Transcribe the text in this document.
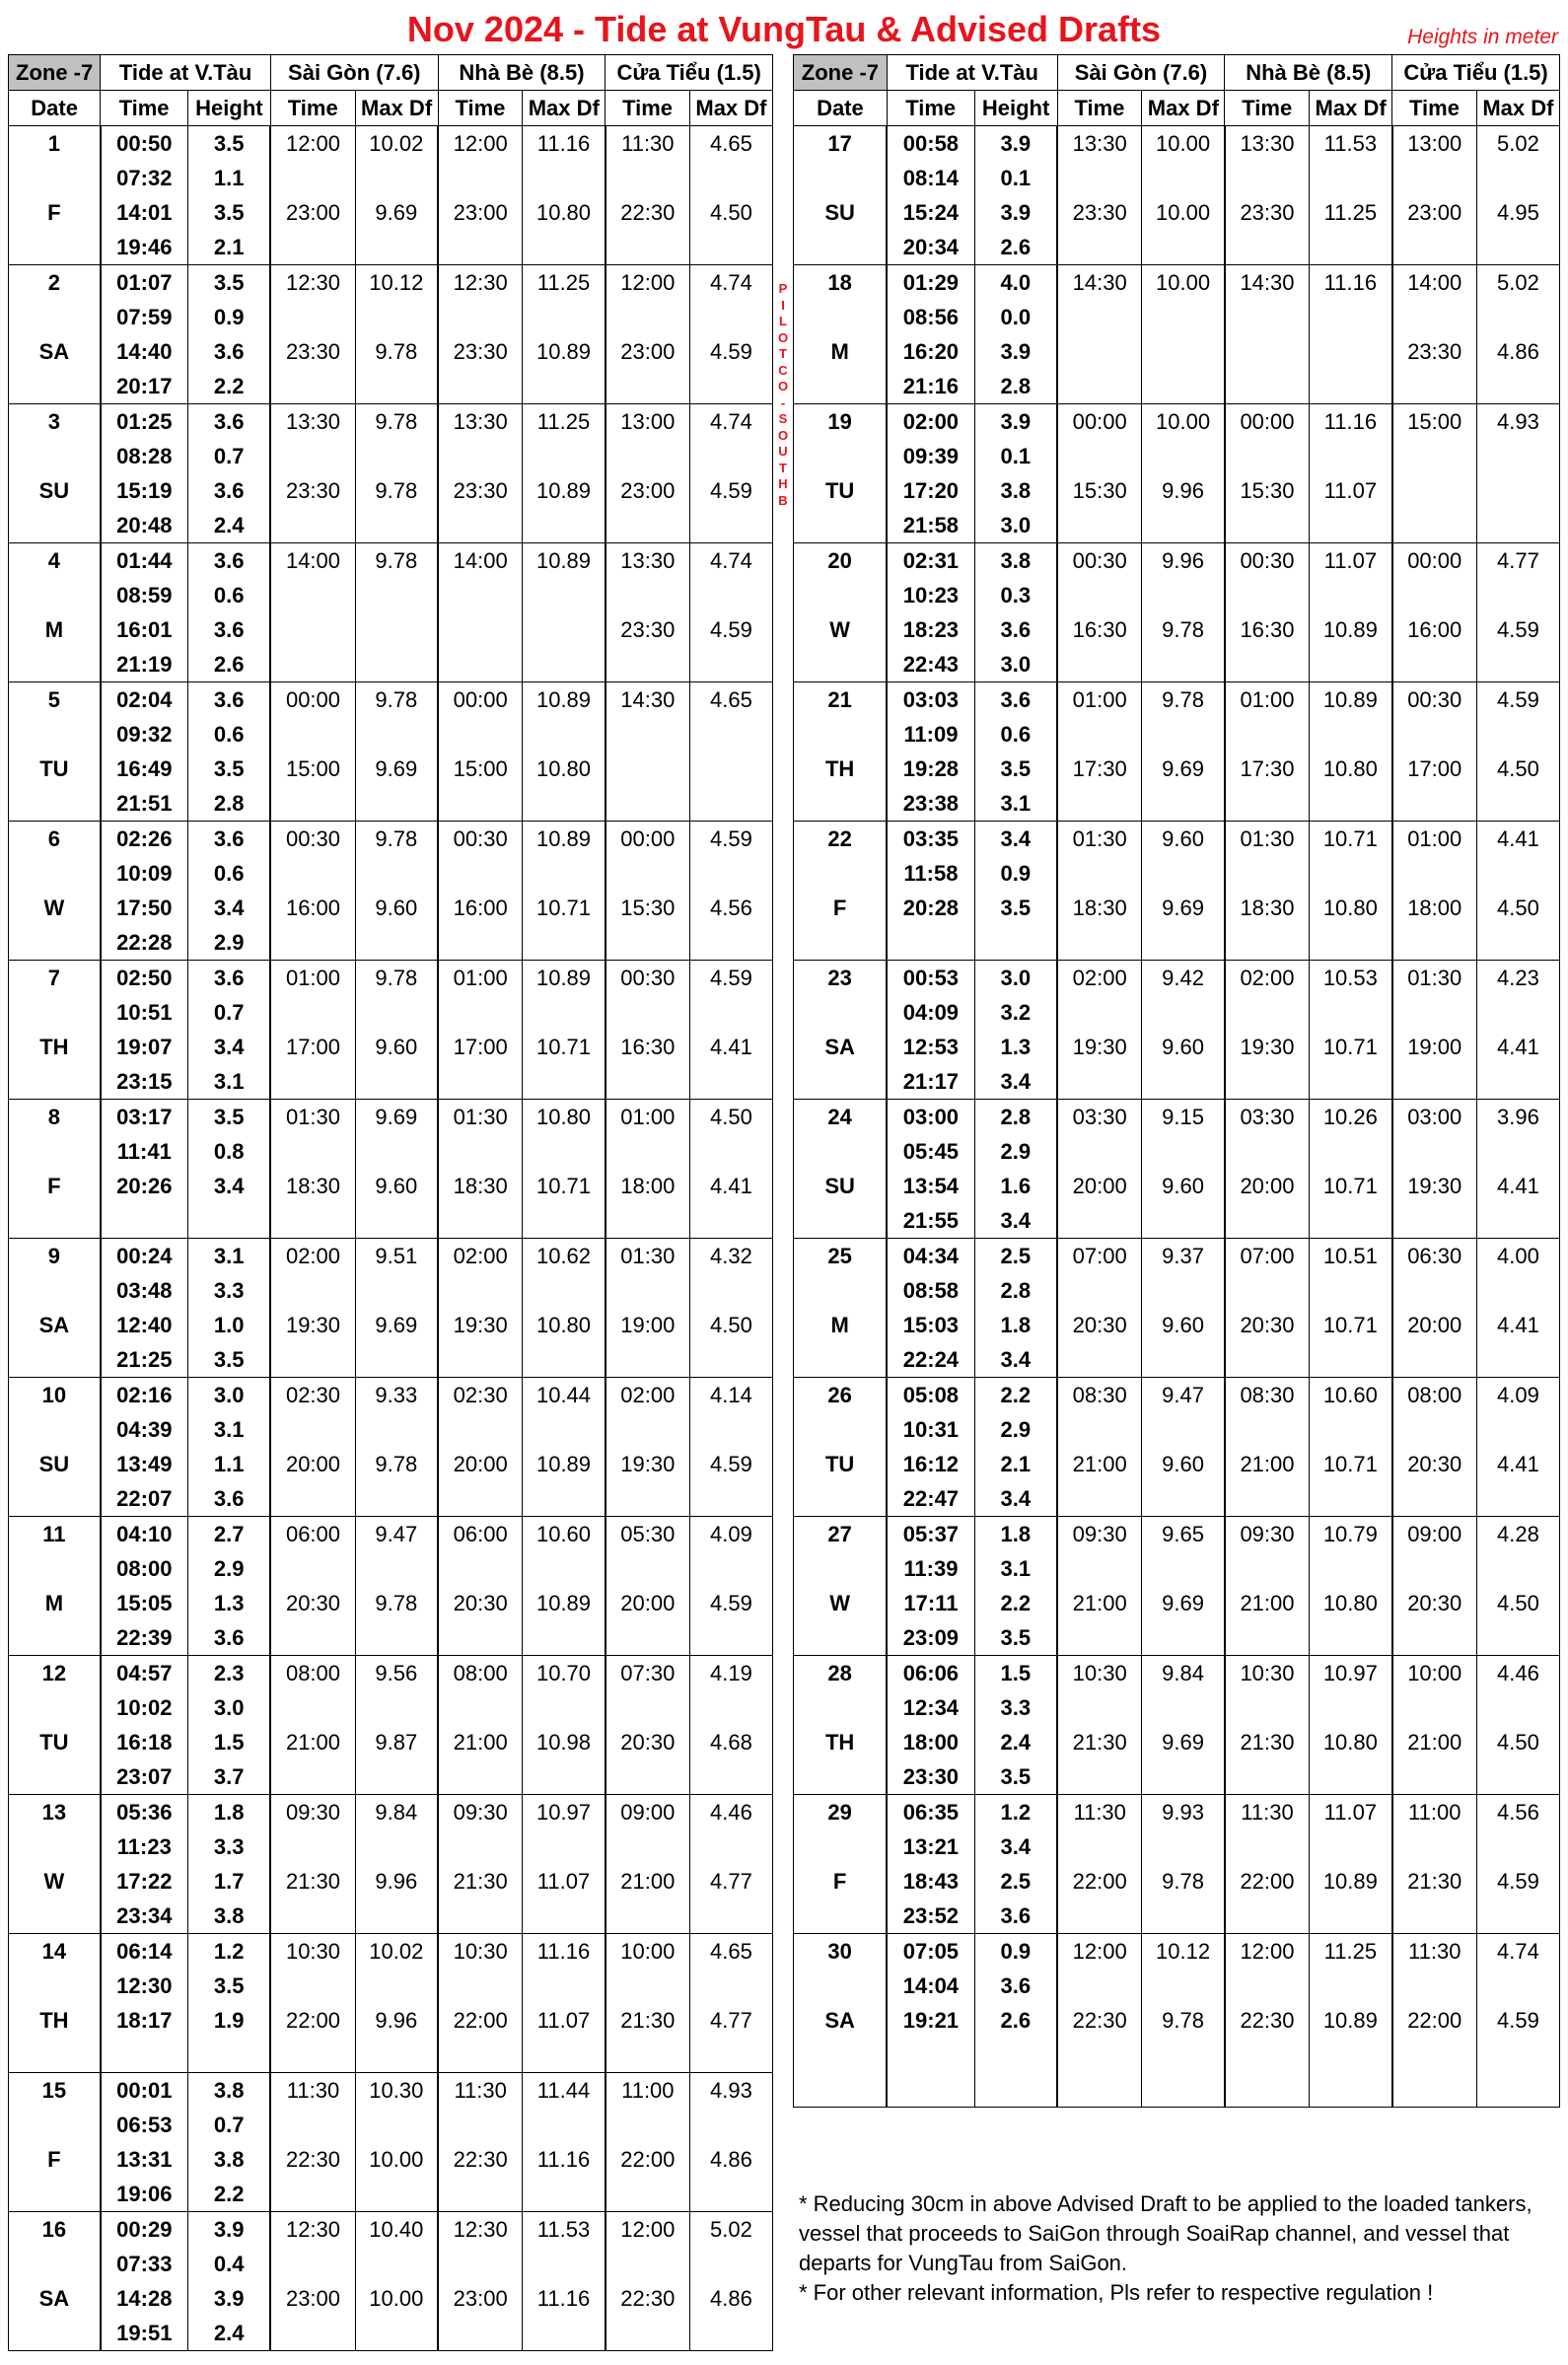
Nov 2024 - Tide at VungTau & Advised Drafts	Heights in meter
Zone -7	Tide at V.Tàu		Sài Gòn (7.6)		Nhà Bè (8.5)		Cửa Tiểu (1.5)	
Date	Time	Height	Time	Max Df	Time	Max Df	Time	Max Df
1	00:50	3.5	12:00	10.02	12:00	11.16	11:30	4.65
	07:32	1.1						
F	14:01	3.5	23:00	9.69	23:00	10.80	22:30	4.50
	19:46	2.1						
2	01:07	3.5	12:30	10.12	12:30	11.25	12:00	4.74
	07:59	0.9						
SA	14:40	3.6	23:30	9.78	23:30	10.89	23:00	4.59
	20:17	2.2						
3	01:25	3.6	13:30	9.78	13:30	11.25	13:00	4.74
	08:28	0.7						
SU	15:19	3.6	23:30	9.78	23:30	10.89	23:00	4.59
	20:48	2.4						
4	01:44	3.6	14:00	9.78	14:00	10.89	13:30	4.74
	08:59	0.6						
M	16:01	3.6					23:30	4.59
	21:19	2.6						
5	02:04	3.6	00:00	9.78	00:00	10.89	14:30	4.65
	09:32	0.6						
TU	16:49	3.5	15:00	9.69	15:00	10.80		
	21:51	2.8						
6	02:26	3.6	00:30	9.78	00:30	10.89	00:00	4.59
	10:09	0.6						
W	17:50	3.4	16:00	9.60	16:00	10.71	15:30	4.56
	22:28	2.9						
7	02:50	3.6	01:00	9.78	01:00	10.89	00:30	4.59
	10:51	0.7						
TH	19:07	3.4	17:00	9.60	17:00	10.71	16:30	4.41
	23:15	3.1						
8	03:17	3.5	01:30	9.69	01:30	10.80	01:00	4.50
	11:41	0.8						
F	20:26	3.4	18:30	9.60	18:30	10.71	18:00	4.41

9	00:24	3.1	02:00	9.51	02:00	10.62	01:30	4.32
	03:48	3.3						
SA	12:40	1.0	19:30	9.69	19:30	10.80	19:00	4.50
	21:25	3.5						
10	02:16	3.0	02:30	9.33	02:30	10.44	02:00	4.14
	04:39	3.1						
SU	13:49	1.1	20:00	9.78	20:00	10.89	19:30	4.59
	22:07	3.6						
11	04:10	2.7	06:00	9.47	06:00	10.60	05:30	4.09
	08:00	2.9						
M	15:05	1.3	20:30	9.78	20:30	10.89	20:00	4.59
	22:39	3.6						
12	04:57	2.3	08:00	9.56	08:00	10.70	07:30	4.19
	10:02	3.0						
TU	16:18	1.5	21:00	9.87	21:00	10.98	20:30	4.68
	23:07	3.7						
13	05:36	1.8	09:30	9.84	09:30	10.97	09:00	4.46
	11:23	3.3						
W	17:22	1.7	21:30	9.96	21:30	11.07	21:00	4.77
	23:34	3.8						
14	06:14	1.2	10:30	10.02	10:30	11.16	10:00	4.65
	12:30	3.5						
TH	18:17	1.9	22:00	9.96	22:00	11.07	21:30	4.77

15	00:01	3.8	11:30	10.30	11:30	11.44	11:00	4.93
	06:53	0.7						
F	13:31	3.8	22:30	10.00	22:30	11.16	22:00	4.86
	19:06	2.2						
16	00:29	3.9	12:30	10.40	12:30	11.53	12:00	5.02
	07:33	0.4						
SA	14:28	3.9	23:00	10.00	23:00	11.16	22:30	4.86
	19:51	2.4						
P
I
L
O
T
C
O
-
S
O
U
T
H
B
Zone -7	Tide at V.Tàu		Sài Gòn (7.6)		Nhà Bè (8.5)		Cửa Tiểu (1.5)	
Date	Time	Height	Time	Max Df	Time	Max Df	Time	Max Df
17	00:58	3.9	13:30	10.00	13:30	11.53	13:00	5.02
	08:14	0.1						
SU	15:24	3.9	23:30	10.00	23:30	11.25	23:00	4.95
	20:34	2.6						
18	01:29	4.0	14:30	10.00	14:30	11.16	14:00	5.02
	08:56	0.0						
M	16:20	3.9					23:30	4.86
	21:16	2.8						
19	02:00	3.9	00:00	10.00	00:00	11.16	15:00	4.93
	09:39	0.1						
TU	17:20	3.8	15:30	9.96	15:30	11.07		
	21:58	3.0						
20	02:31	3.8	00:30	9.96	00:30	11.07	00:00	4.77
	10:23	0.3						
W	18:23	3.6	16:30	9.78	16:30	10.89	16:00	4.59
	22:43	3.0						
21	03:03	3.6	01:00	9.78	01:00	10.89	00:30	4.59
	11:09	0.6						
TH	19:28	3.5	17:30	9.69	17:30	10.80	17:00	4.50
	23:38	3.1						
22	03:35	3.4	01:30	9.60	01:30	10.71	01:00	4.41
	11:58	0.9						
F	20:28	3.5	18:30	9.69	18:30	10.80	18:00	4.50

23	00:53	3.0	02:00	9.42	02:00	10.53	01:30	4.23
	04:09	3.2						
SA	12:53	1.3	19:30	9.60	19:30	10.71	19:00	4.41
	21:17	3.4						
24	03:00	2.8	03:30	9.15	03:30	10.26	03:00	3.96
	05:45	2.9						
SU	13:54	1.6	20:00	9.60	20:00	10.71	19:30	4.41
	21:55	3.4						
25	04:34	2.5	07:00	9.37	07:00	10.51	06:30	4.00
	08:58	2.8						
M	15:03	1.8	20:30	9.60	20:30	10.71	20:00	4.41
	22:24	3.4						
26	05:08	2.2	08:30	9.47	08:30	10.60	08:00	4.09
	10:31	2.9						
TU	16:12	2.1	21:00	9.60	21:00	10.71	20:30	4.41
	22:47	3.4						
27	05:37	1.8	09:30	9.65	09:30	10.79	09:00	4.28
	11:39	3.1						
W	17:11	2.2	21:00	9.69	21:00	10.80	20:30	4.50
	23:09	3.5						
28	06:06	1.5	10:30	9.84	10:30	10.97	10:00	4.46
	12:34	3.3						
TH	18:00	2.4	21:30	9.69	21:30	10.80	21:00	4.50
	23:30	3.5						
29	06:35	1.2	11:30	9.93	11:30	11.07	11:00	4.56
	13:21	3.4						
F	18:43	2.5	22:00	9.78	22:00	10.89	21:30	4.59
	23:52	3.6						
30	07:05	0.9	12:00	10.12	12:00	11.25	11:30	4.74
	14:04	3.6						
SA	19:21	2.6	22:30	9.78	22:30	10.89	22:00	4.59

* Reducing 30cm in above Advised Draft to be applied to the loaded tankers, vessel that proceeds to SaiGon through SoaiRap channel, and vessel that departs for VungTau from SaiGon.
* For other relevant information, Pls refer to respective regulation !
